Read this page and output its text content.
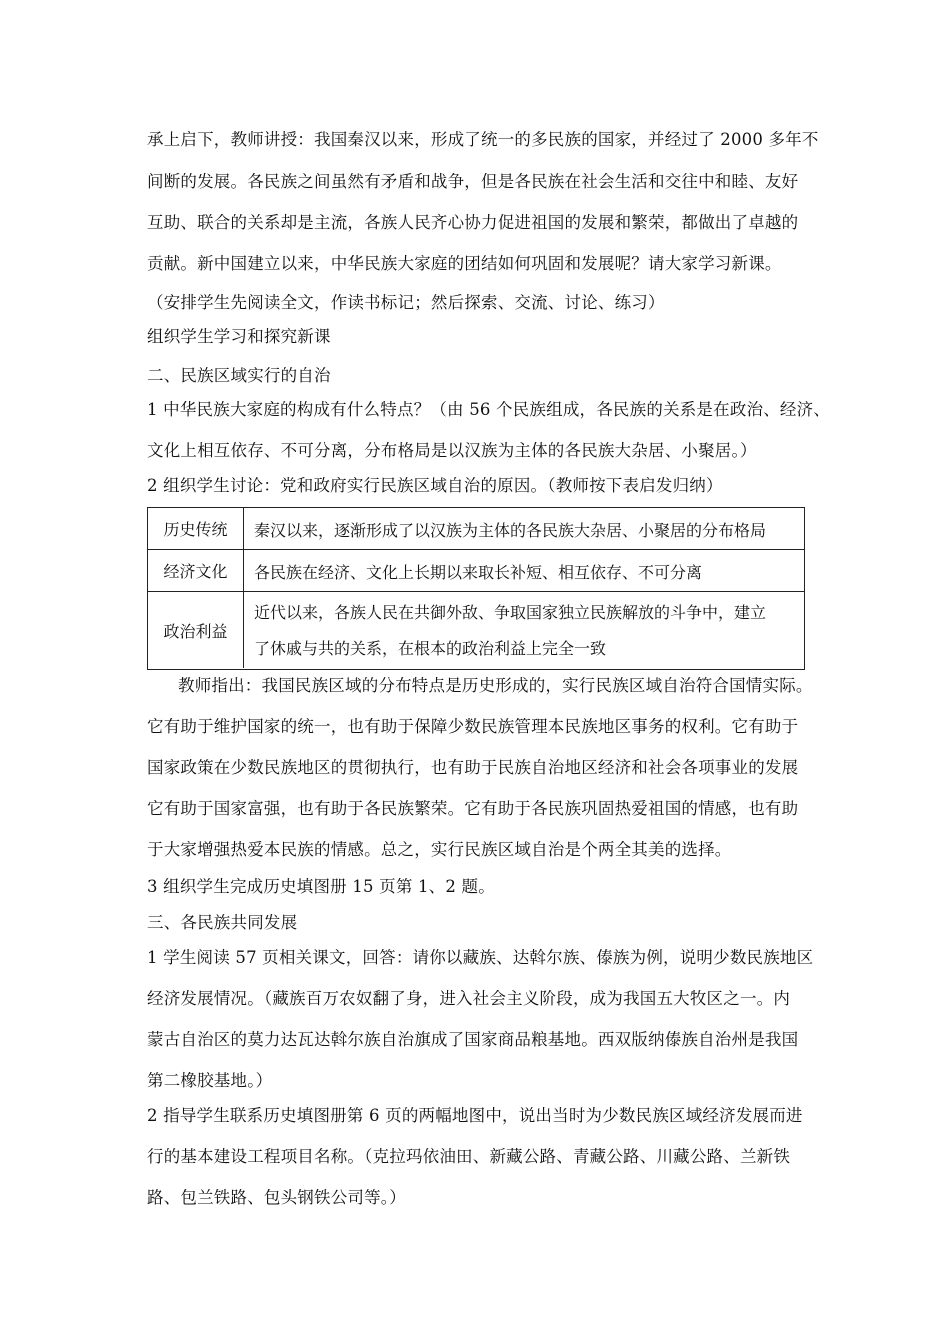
承上启下，教师讲授：我国秦汉以来，形成了统一的多民族的国家，并经过了 2000 多年不
间断的发展。各民族之间虽然有矛盾和战争，但是各民族在社会生活和交往中和睦、友好
互助、联合的关系却是主流，各族人民齐心协力促进祖国的发展和繁荣，都做出了卓越的
贡献。新中国建立以来，中华民族大家庭的团结如何巩固和发展呢？请大家学习新课。
（安排学生先阅读全文，作读书标记；然后探索、交流、讨论、练习）
组织学生学习和探究新课
二、民族区域实行的自治
1 中华民族大家庭的构成有什么特点？（由 56 个民族组成，各民族的关系是在政治、经济、
文化上相互依存、不可分离，分布格局是以汉族为主体的各民族大杂居、小聚居。）
2 组织学生讨论：党和政府实行民族区域自治的原因。（教师按下表启发归纳）
历史传统	秦汉以来，逐渐形成了以汉族为主体的各民族大杂居、小聚居的分布格局
经济文化	各民族在经济、文化上长期以来取长补短、相互依存、不可分离
政治利益
近代以来，各族人民在共御外敌、争取国家独立民族解放的斗争中，建立
了休戚与共的关系，在根本的政治利益上完全一致
教师指出：我国民族区域的分布特点是历史形成的，实行民族区域自治符合国情实际。
它有助于维护国家的统一，也有助于保障少数民族管理本民族地区事务的权利。它有助于
国家政策在少数民族地区的贯彻执行，也有助于民族自治地区经济和社会各项事业的发展
它有助于国家富强，也有助于各民族繁荣。它有助于各民族巩固热爱祖国的情感，也有助
于大家增强热爱本民族的情感。总之，实行民族区域自治是个两全其美的选择。
3 组织学生完成历史填图册 15 页第 1、2 题。
三、各民族共同发展
1 学生阅读 57 页相关课文，回答：请你以藏族、达斡尔族、傣族为例，说明少数民族地区
经济发展情况。（藏族百万农奴翻了身，进入社会主义阶段，成为我国五大牧区之一。内
蒙古自治区的莫力达瓦达斡尔族自治旗成了国家商品粮基地。西双版纳傣族自治州是我国
第二橡胶基地。）
2 指导学生联系历史填图册第 6 页的两幅地图中，说出当时为少数民族区域经济发展而进
行的基本建设工程项目名称。（克拉玛依油田、新藏公路、青藏公路、川藏公路、兰新铁
路、包兰铁路、包头钢铁公司等。）
